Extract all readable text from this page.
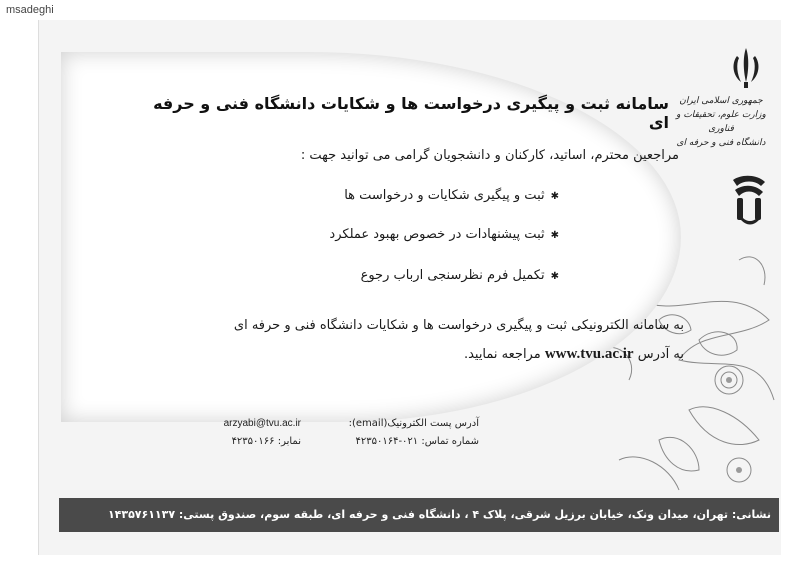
msadeghi
جمهوری اسلامی ایران
وزارت علوم، تحقیقات و فناوری
دانشگاه فنی و حرفه ای
سامانه ثبت و پیگیری درخواست ها و شکایات دانشگاه فنی و حرفه ای
مراجعین محترم، اساتید، کارکنان و دانشجویان گرامی می توانید جهت :
✱ثبت و پیگیری شکایات و درخواست ها
✱ثبت پیشنهادات در خصوص بهبود عملکرد
✱تکمیل فرم نظرسنجی ارباب رجوع
به سامانه الکترونیکی ثبت و پیگیری درخواست ها و شکایات دانشگاه فنی و حرفه ای
به آدرس www.tvu.ac.ir مراجعه نمایید.
آدرس پست الکترونیک(email):
arzyabi@tvu.ac.ir
شماره تماس: ۰۲۱-۴۲۳۵۰۱۶۴
نمابر: ۴۲۳۵۰۱۶۶
نشانی: تهران، میدان ونک، خیابان برزیل شرقی، پلاک ۴ ، دانشگاه فنی و حرفه ای، طبقه سوم، صندوق پستی: ۱۴۳۵۷۶۱۱۳۷
